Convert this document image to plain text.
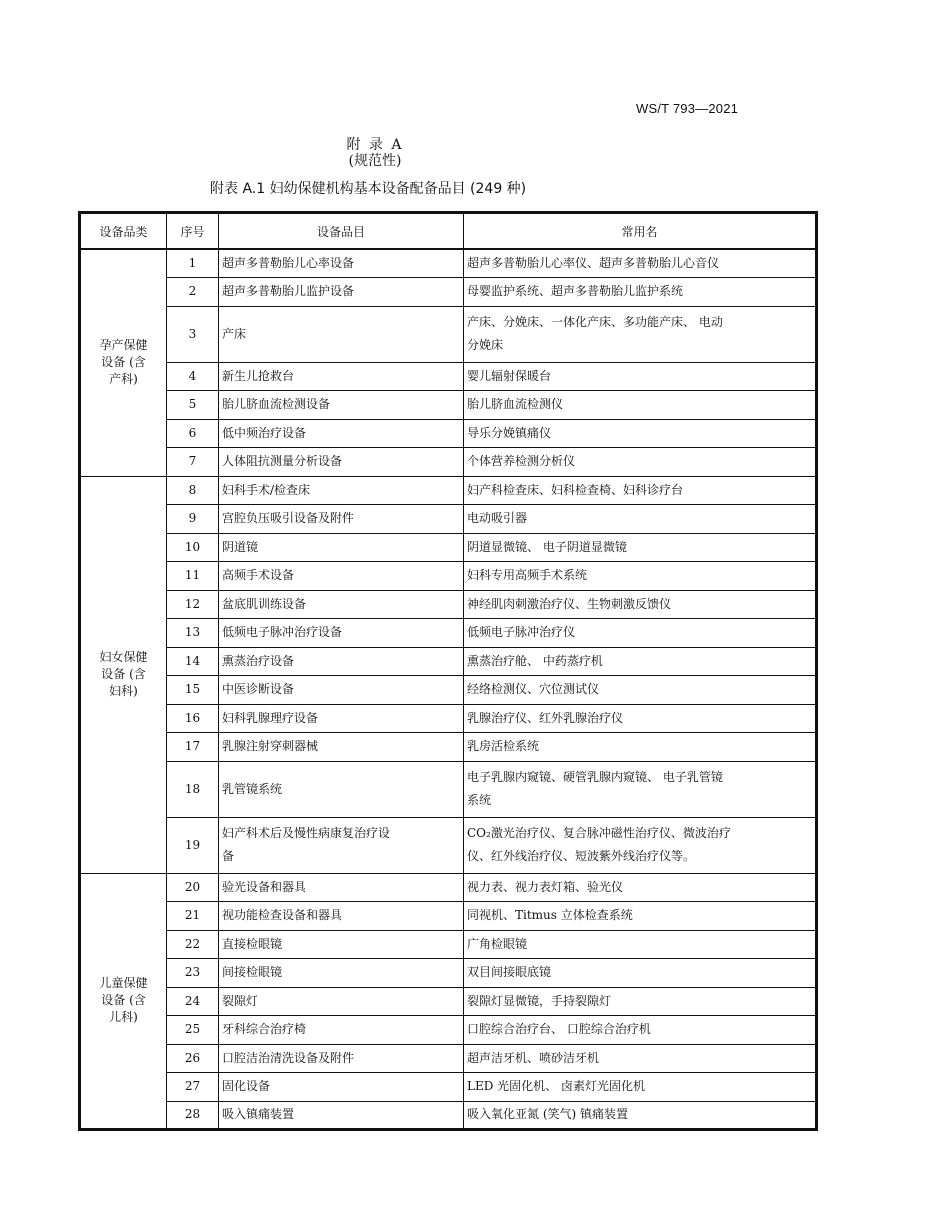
WS/T 793—2021
附 录 A
(规范性)
附表 A.1 妇幼保健机构基本设备配备品目 (249 种)
设备品类	序号	设备品目	常用名
孕产保健
设备 (含
产科)	1	超声多普勒胎儿心率设备	超声多普勒胎儿心率仪、超声多普勒胎儿心音仪
	2	超声多普勒胎儿监护设备	母婴监护系统、超声多普勒胎儿监护系统
	3	产床	产床、分娩床、一体化产床、多功能产床、 电动
分娩床
	4	新生儿抢救台	婴儿辐射保暖台
	5	胎儿脐血流检测设备	胎儿脐血流检测仪
	6	低中频治疗设备	导乐分娩镇痛仪
	7	人体阻抗测量分析设备	个体营养检测分析仪
妇女保健
设备 (含
妇科)	8	妇科手术/检查床	妇产科检查床、妇科检查椅、妇科诊疗台
	9	宫腔负压吸引设备及附件	电动吸引器
	10	阴道镜	阴道显微镜、 电子阴道显微镜
	11	高频手术设备	妇科专用高频手术系统
	12	盆底肌训练设备	神经肌肉刺激治疗仪、生物刺激反馈仪
	13	低频电子脉冲治疗设备	低频电子脉冲治疗仪
	14	熏蒸治疗设备	熏蒸治疗舱、 中药蒸疗机
	15	中医诊断设备	经络检测仪、穴位测试仪
	16	妇科乳腺理疗设备	乳腺治疗仪、红外乳腺治疗仪
	17	乳腺注射穿刺器械	乳房活检系统
	18	乳管镜系统	电子乳腺内窥镜、硬管乳腺内窥镜、 电子乳管镜
系统
	19	妇产科术后及慢性病康复治疗设
备	CO₂激光治疗仪、复合脉冲磁性治疗仪、微波治疗
仪、红外线治疗仪、短波紫外线治疗仪等。
儿童保健
设备 (含
儿科)	20	验光设备和器具	视力表、视力表灯箱、验光仪
	21	视功能检查设备和器具	同视机、Titmus 立体检查系统
	22	直接检眼镜	广角检眼镜
	23	间接检眼镜	双目间接眼底镜
	24	裂隙灯	裂隙灯显微镜，手持裂隙灯
	25	牙科综合治疗椅	口腔综合治疗台、 口腔综合治疗机
	26	口腔洁治清洗设备及附件	超声洁牙机、喷砂洁牙机
	27	固化设备	LED 光固化机、 卤素灯光固化机
	28	吸入镇痛装置	吸入氧化亚氮 (笑气) 镇痛装置
